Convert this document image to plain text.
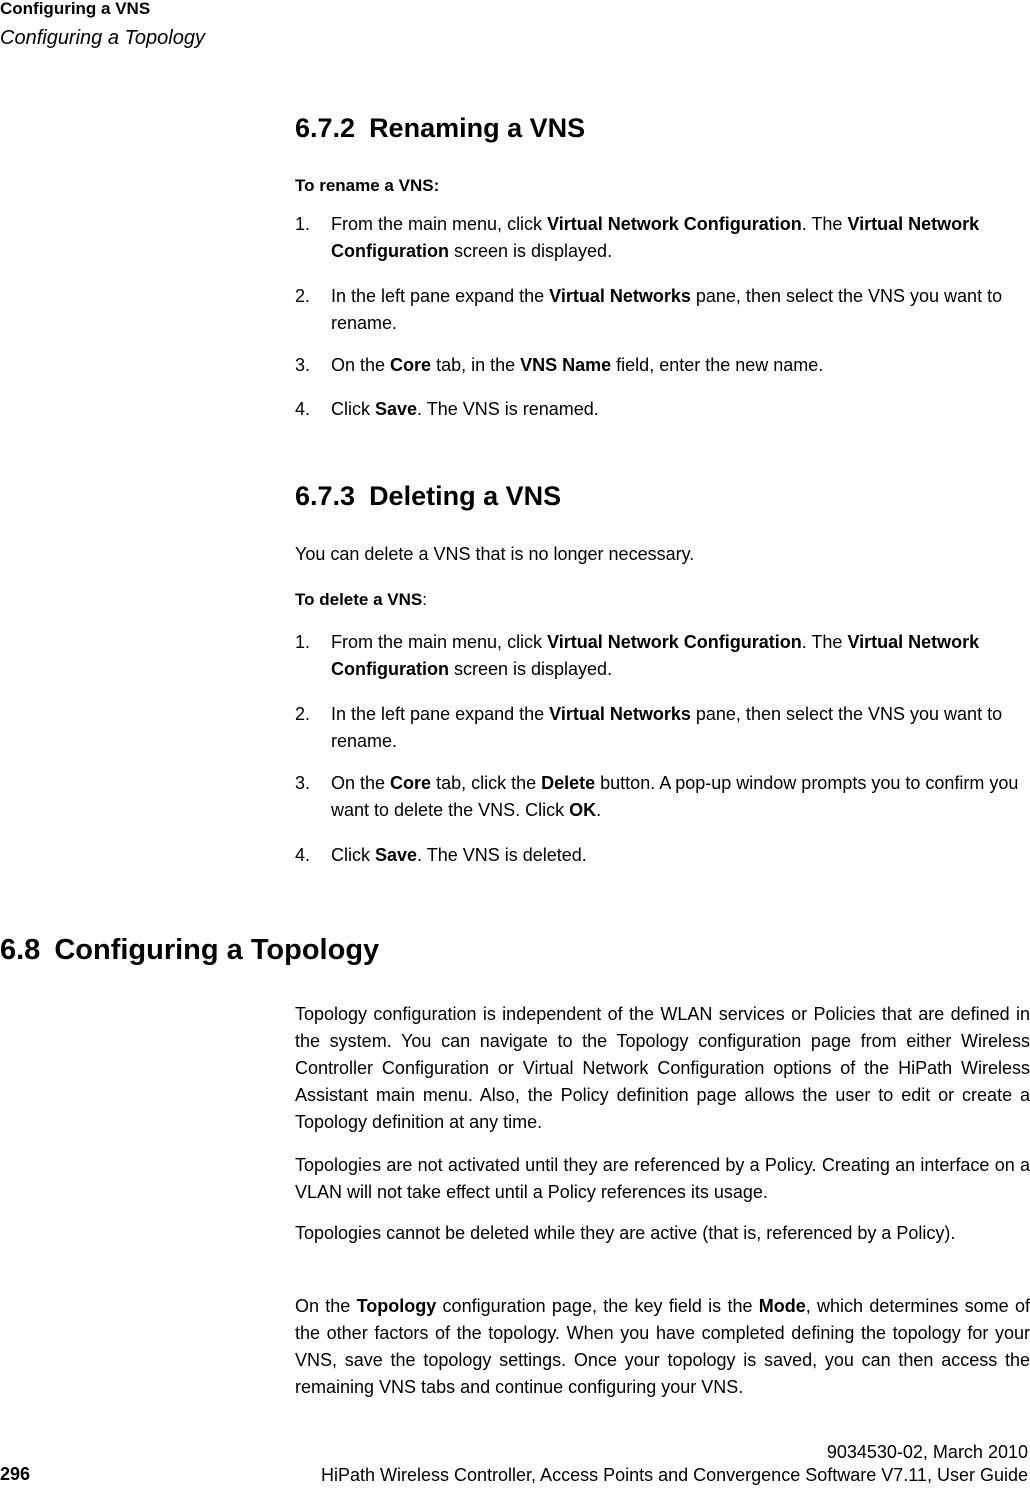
Configuring a VNS
Configuring a Topology
6.7.2 Renaming a VNS
To rename a VNS:
1. From the main menu, click Virtual Network Configuration. The Virtual Network Configuration screen is displayed.
2. In the left pane expand the Virtual Networks pane, then select the VNS you want to rename.
3. On the Core tab, in the VNS Name field, enter the new name.
4. Click Save. The VNS is renamed.
6.7.3 Deleting a VNS
You can delete a VNS that is no longer necessary.
To delete a VNS:
1. From the main menu, click Virtual Network Configuration. The Virtual Network Configuration screen is displayed.
2. In the left pane expand the Virtual Networks pane, then select the VNS you want to rename.
3. On the Core tab, click the Delete button. A pop-up window prompts you to confirm you want to delete the VNS. Click OK.
4. Click Save. The VNS is deleted.
6.8 Configuring a Topology
Topology configuration is independent of the WLAN services or Policies that are defined in the system. You can navigate to the Topology configuration page from either Wireless Controller Configuration or Virtual Network Configuration options of the HiPath Wireless Assistant main menu. Also, the Policy definition page allows the user to edit or create a Topology definition at any time.
Topologies are not activated until they are referenced by a Policy. Creating an interface on a VLAN will not take effect until a Policy references its usage.
Topologies cannot be deleted while they are active (that is, referenced by a Policy).
On the Topology configuration page, the key field is the Mode, which determines some of the other factors of the topology. When you have completed defining the topology for your VNS, save the topology settings. Once your topology is saved, you can then access the remaining VNS tabs and continue configuring your VNS.
9034530-02, March 2010
HiPath Wireless Controller, Access Points and Convergence Software V7.11, User Guide
296
